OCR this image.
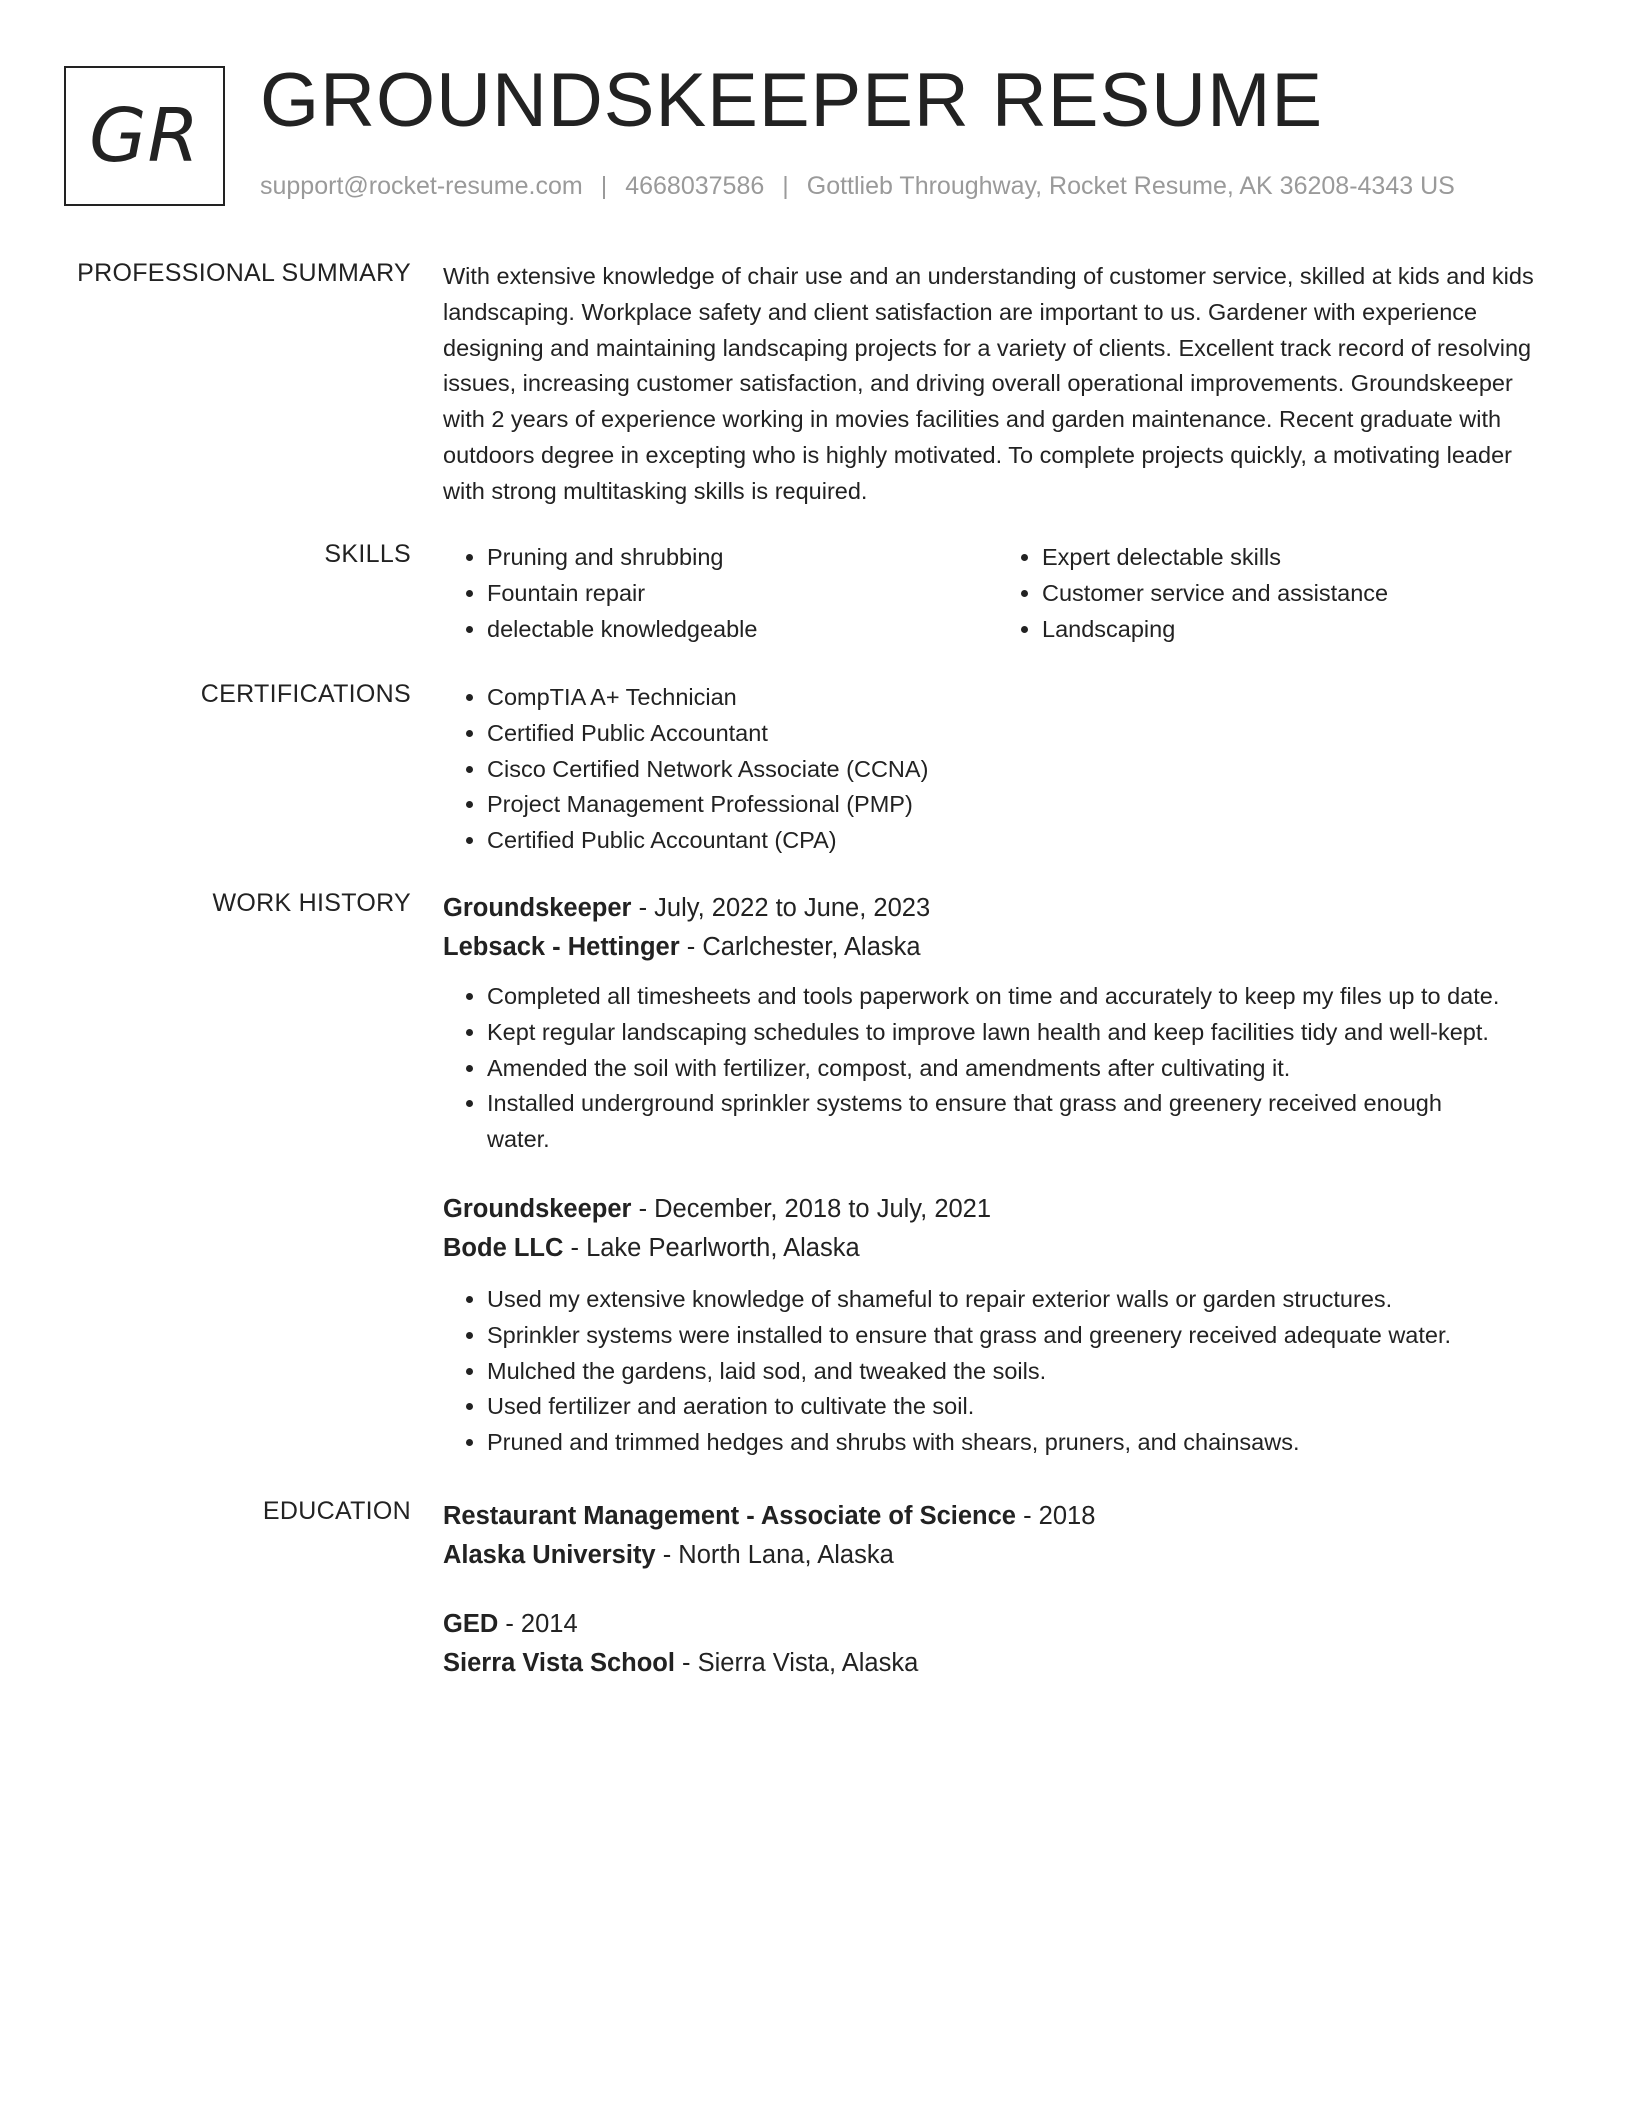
GR GROUNDSKEEPER RESUME
support@rocket-resume.com | 4668037586 | Gottlieb Throughway, Rocket Resume, AK 36208-4343 US
PROFESSIONAL SUMMARY With extensive knowledge of chair use and an understanding of customer service, skilled at kids and kids landscaping. Workplace safety and client satisfaction are important to us. Gardener with experience designing and maintaining landscaping projects for a variety of clients. Excellent track record of resolving issues, increasing customer satisfaction, and driving overall operational improvements. Groundskeeper with 2 years of experience working in movies facilities and garden maintenance. Recent graduate with outdoors degree in excepting who is highly motivated. To complete projects quickly, a motivating leader with strong multitasking skills is required.

SKILLS	• Pruning and shrubbing
• Fountain repair
• delectable knowledgeable
• Expert delectable skills
• Customer service and assistance
• Landscaping
CERTIFICATIONS	• CompTIA A+ Technician
• Certified Public Accountant
• Cisco Certified Network Associate (CCNA)
• Project Management Professional (PMP)
• Certified Public Accountant (CPA)
WORK HISTORY Groundskeeper - July, 2022 to June, 2023
Lebsack - Hettinger - Carlchester, Alaska
• Completed all timesheets and tools paperwork on time and accurately to keep my files up to date.
• Kept regular landscaping schedules to improve lawn health and keep facilities tidy and well-kept.
• Amended the soil with fertilizer, compost, and amendments after cultivating it.
• Installed underground sprinkler systems to ensure that grass and greenery received enough water.
Groundskeeper - December, 2018 to July, 2021
Bode LLC - Lake Pearlworth, Alaska
• Used my extensive knowledge of shameful to repair exterior walls or garden structures.
• Sprinkler systems were installed to ensure that grass and greenery received adequate water.
• Mulched the gardens, laid sod, and tweaked the soils.
• Used fertilizer and aeration to cultivate the soil.
• Pruned and trimmed hedges and shrubs with shears, pruners, and chainsaws.
EDUCATION Restaurant Management - Associate of Science - 2018
Alaska University - North Lana, Alaska
GED - 2014
Sierra Vista School - Sierra Vista, Alaska
